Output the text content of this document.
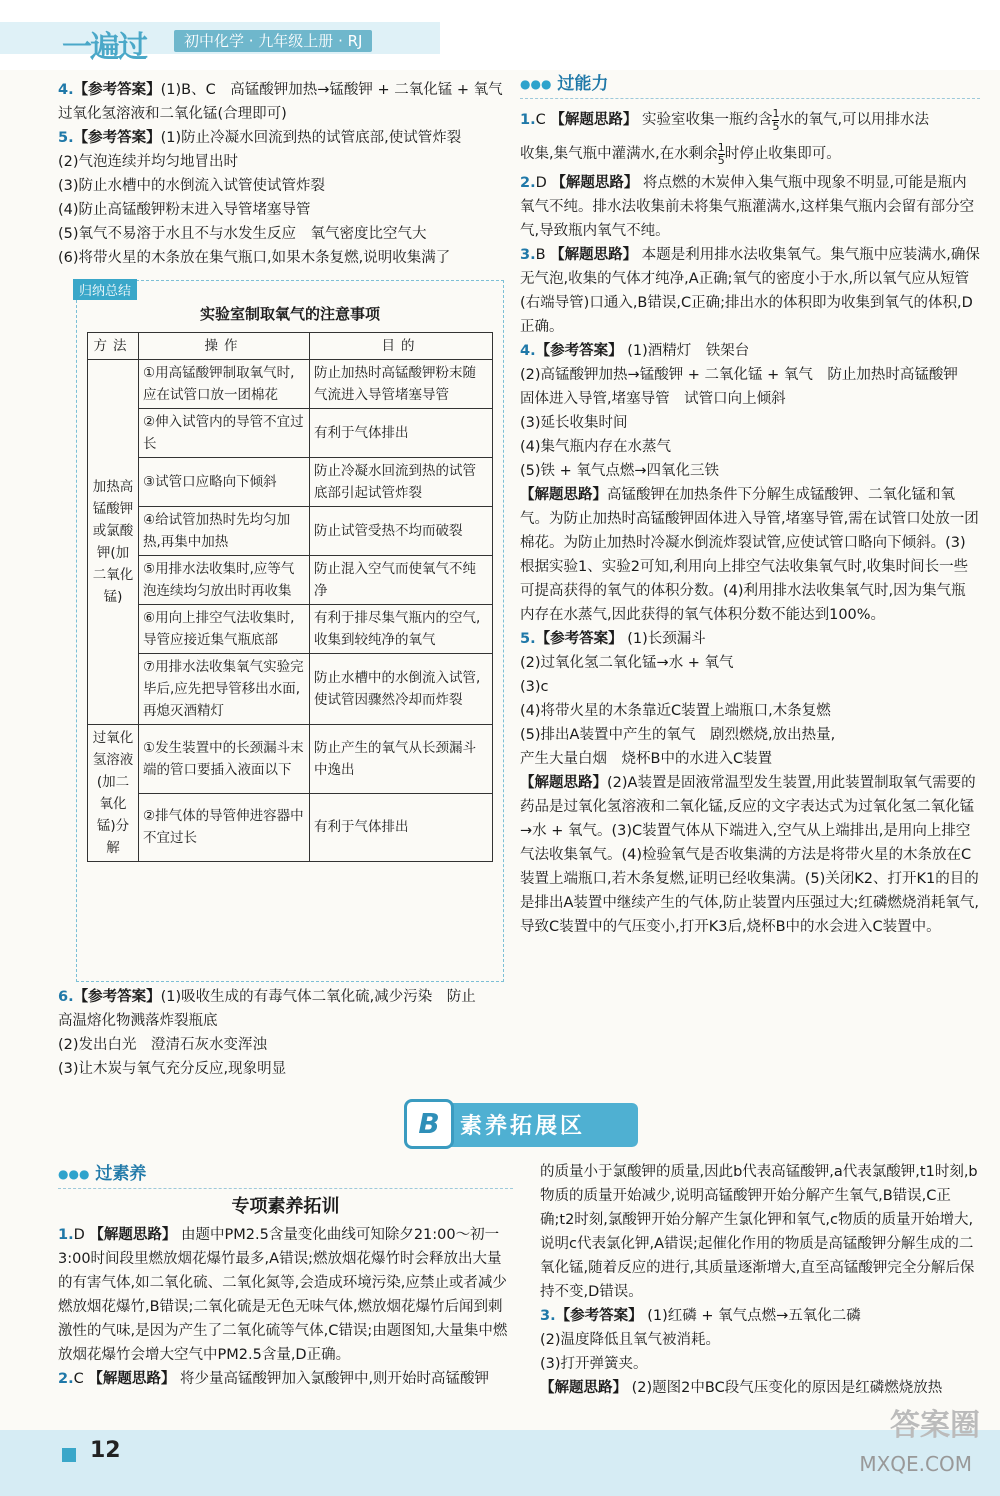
一遍过	初中化学 · 九年级上册 · RJ
4.【参考答案】(1)B、C　高锰酸钾加热→锰酸钾 + 二氧化锰 + 氧气
过氧化氢溶液和二氧化锰(合理即可)
5.【参考答案】(1)防止冷凝水回流到热的试管底部,使试管炸裂
(2)气泡连续并均匀地冒出时
(3)防止水槽中的水倒流入试管使试管炸裂
(4)防止高锰酸钾粉末进入导管堵塞导管
(5)氧气不易溶于水且不与水发生反应　氧气密度比空气大
(6)将带火星的木条放在集气瓶口,如果木条复燃,说明收集满了
归纳总结
实验室制取氧气的注意事项
方法	操作	目的
加热高锰酸钾或氯酸钾(加二氧化锰)	①用高锰酸钾制取氧气时,应在试管口放一团棉花	防止加热时高锰酸钾粉末随气流进入导管堵塞导管
	②伸入试管内的导管不宜过长	有利于气体排出
	③试管口应略向下倾斜	防止冷凝水回流到热的试管底部引起试管炸裂
	④给试管加热时先均匀加热,再集中加热	防止试管受热不均而破裂
	⑤用排水法收集时,应等气泡连续均匀放出时再收集	防止混入空气而使氧气不纯净
	⑥用向上排空气法收集时,导管应接近集气瓶底部	有利于排尽集气瓶内的空气,收集到较纯净的氧气
	⑦用排水法收集氧气实验完毕后,应先把导管移出水面,再熄灭酒精灯	防止水槽中的水倒流入试管,使试管因骤然冷却而炸裂
过氧化氢溶液(加二氧化锰)分解	①发生装置中的长颈漏斗末端的管口要插入液面以下	防止产生的氧气从长颈漏斗中逸出
	②排气体的导管伸进容器中不宜过长	有利于气体排出
6.【参考答案】(1)吸收生成的有毒气体二氧化硫,减少污染　防止
高温熔化物溅落炸裂瓶底
(2)发出白光　澄清石灰水变浑浊
(3)让木炭与氧气充分反应,现象明显
●●● 过能力
1.C 【解题思路】 实验室收集一瓶约含 $\frac{1}{5}$ 水的氧气,可以用排水法
收集,集气瓶中灌满水,在水剩余 $\frac{1}{5}$ 时停止收集即可。
2.D 【解题思路】 将点燃的木炭伸入集气瓶中现象不明显,可能是瓶内氧气不纯。排水法收集前未将集气瓶灌满水,这样集气瓶内会留有部分空气,导致瓶内氧气不纯。
3.B 【解题思路】 本题是利用排水法收集氧气。集气瓶中应装满水,确保无气泡,收集的气体才纯净,A正确;氧气的密度小于水,所以氧气应从短管(右端导管)口通入,B错误,C正确;排出水的体积即为收集到氧气的体积,D正确。
4.【参考答案】 (1)酒精灯　铁架台
(2)高锰酸钾加热→锰酸钾 + 二氧化锰 + 氧气　防止加热时高锰酸钾
固体进入导管,堵塞导管　试管口向上倾斜
(3)延长收集时间
(4)集气瓶内存在水蒸气
(5)铁 + 氧气点燃→四氧化三铁
【解题思路】高锰酸钾在加热条件下分解生成锰酸钾、二氧化锰和氧气。为防止加热时高锰酸钾固体进入导管,堵塞导管,需在试管口处放一团棉花。为防止加热时冷凝水倒流炸裂试管,应使试管口略向下倾斜。(3)根据实验1、实验2可知,利用向上排空气法收集氧气时,收集时间长一些可提高获得的氧气的体积分数。(4)利用排水法收集氧气时,因为集气瓶内存在水蒸气,因此获得的氧气体积分数不能达到100%。
5.【参考答案】 (1)长颈漏斗
(2)过氧化氢二氧化锰→水 + 氧气
(3)c
(4)将带火星的木条靠近C装置上端瓶口,木条复燃
(5)排出A装置中产生的氧气　剧烈燃烧,放出热量,
产生大量白烟　烧杯B中的水进入C装置
【解题思路】(2)A装置是固液常温型发生装置,用此装置制取氧气需要的药品是过氧化氢溶液和二氧化锰,反应的文字表达式为过氧化氢二氧化锰→水 + 氧气。(3)C装置气体从下端进入,空气从上端排出,是用向上排空气法收集氧气。(4)检验氧气是否收集满的方法是将带火星的木条放在C装置上端瓶口,若木条复燃,证明已经收集满。(5)关闭K2、打开K1的目的是排出A装置中继续产生的气体,防止装置内压强过大;红磷燃烧消耗氧气,导致C装置中的气压变小,打开K3后,烧杯B中的水会进入C装置中。
B 素养拓展区
●●● 过素养
专项素养拓训
1.D 【解题思路】 由题中PM2.5含量变化曲线可知除夕21:00～初一3:00时间段里燃放烟花爆竹最多,A错误;燃放烟花爆竹时会释放出大量的有害气体,如二氧化硫、二氧化氮等,会造成环境污染,应禁止或者减少燃放烟花爆竹,B错误;二氧化硫是无色无味气体,燃放烟花爆竹后闻到刺激性的气味,是因为产生了二氧化硫等气体,C错误;由题图知,大量集中燃放烟花爆竹会增大空气中PM2.5含量,D正确。
2.C 【解题思路】 将少量高锰酸钾加入氯酸钾中,则开始时高锰酸钾
的质量小于氯酸钾的质量,因此b代表高锰酸钾,a代表氯酸钾,t1时刻,b物质的质量开始减少,说明高锰酸钾开始分解产生氧气,B错误,C正确;t2时刻,氯酸钾开始分解产生氯化钾和氧气,c物质的质量开始增大,说明c代表氯化钾,A错误;起催化作用的物质是高锰酸钾分解生成的二氧化锰,随着反应的进行,其质量逐渐增大,直至高锰酸钾完全分解后保持不变,D错误。
3.【参考答案】 (1)红磷 + 氧气点燃→五氧化二磷
(2)温度降低且氧气被消耗。
(3)打开弹簧夹。
【解题思路】 (2)题图2中BC段气压变化的原因是红磷燃烧放热
12
答案圈
MXQE.COM
